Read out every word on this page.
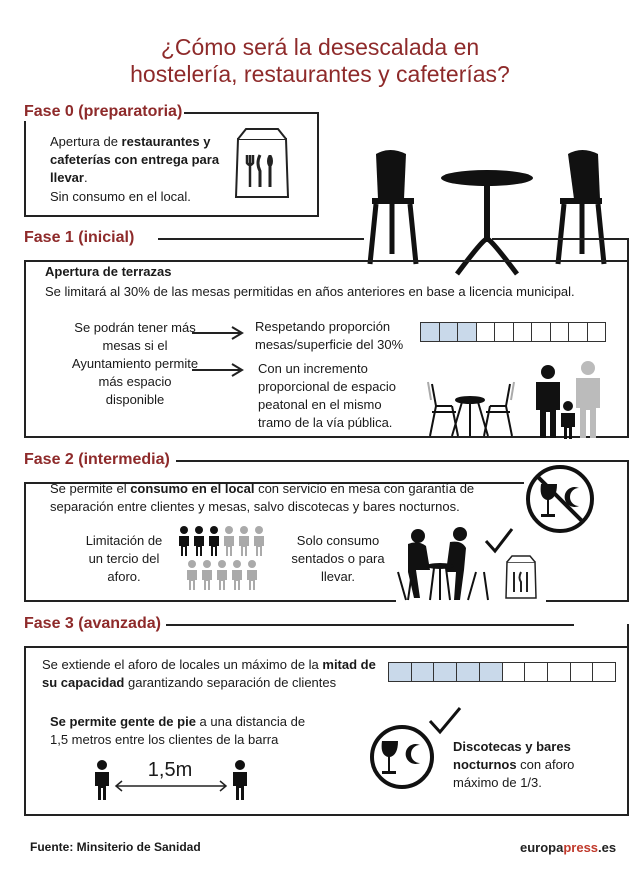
¿Cómo será la desescalada en
hostelería, restaurantes y cafeterías?
Fase 0 (preparatoria)
Apertura de restaurantes y cafeterías con entrega para llevar.
Sin consumo en el local.
Fase 1 (inicial)
Apertura de terrazas
Se limitará al 30% de las mesas permitidas en años anteriores en base a licencia municipal.
Se podrán tener más mesas si el Ayuntamiento permite más espacio disponible
Respetando proporción mesas/superficie del 30%
Con un incremento proporcional de espacio peatonal en el mismo tramo de la vía pública.
Fase 2 (intermedia)
Se permite el consumo en el local con servicio en mesa con garantía de separación entre clientes y mesas, salvo discotecas y bares nocturnos.
Limitación de un tercio del aforo.
Solo consumo sentados o para llevar.
Fase 3 (avanzada)
Se extiende el aforo de locales un máximo de la mitad de su capacidad garantizando separación de clientes
Se permite gente de pie a una distancia de 1,5 metros entre los clientes de la barra
1,5m
Discotecas y bares nocturnos con aforo máximo de 1/3.
Fuente: Minsiterio de Sanidad	europapress.es
